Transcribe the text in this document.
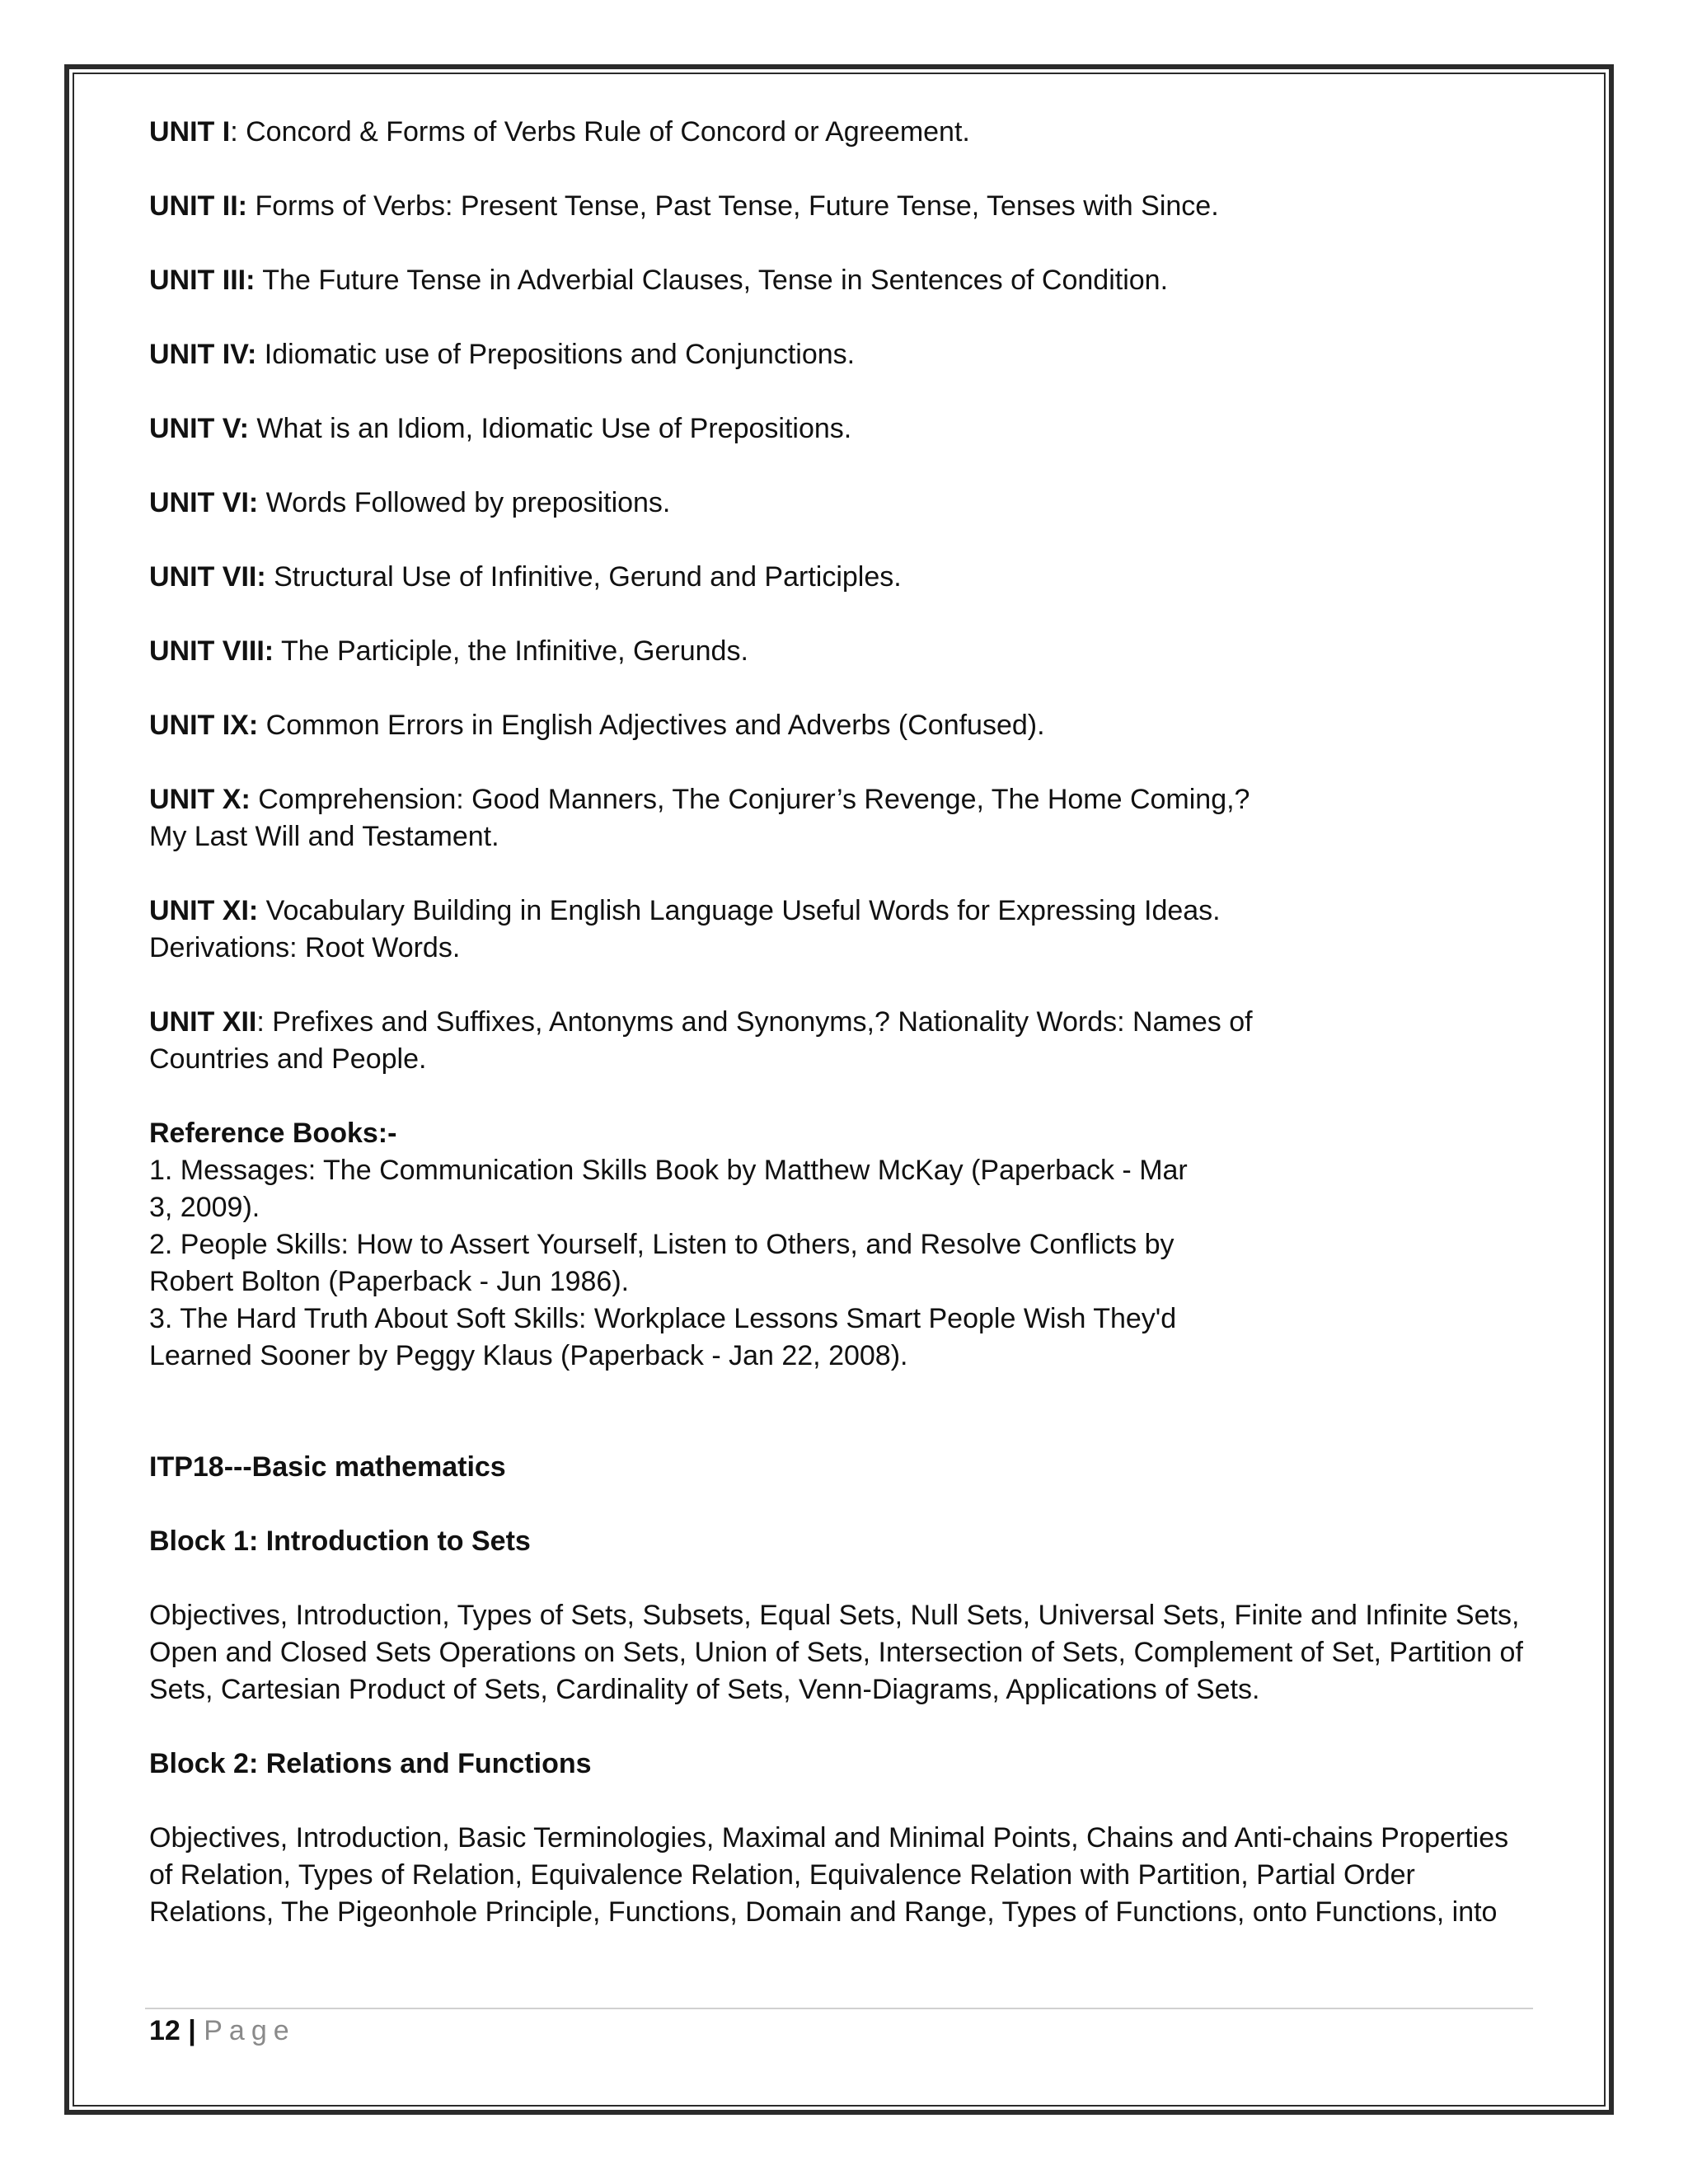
UNIT I: Concord & Forms of Verbs Rule of Concord or Agreement.
UNIT II: Forms of Verbs: Present Tense, Past Tense, Future Tense, Tenses with Since.
UNIT III: The Future Tense in Adverbial Clauses, Tense in Sentences of Condition.
UNIT IV: Idiomatic use of Prepositions and Conjunctions.
UNIT V: What is an Idiom, Idiomatic Use of Prepositions.
UNIT VI: Words Followed by prepositions.
UNIT VII: Structural Use of Infinitive, Gerund and Participles.
UNIT VIII: The Participle, the Infinitive, Gerunds.
UNIT IX: Common Errors in English Adjectives and Adverbs (Confused).
UNIT X: Comprehension: Good Manners, The Conjurer’s Revenge, The Home Coming,?
My Last Will and Testament.
UNIT XI: Vocabulary Building in English Language Useful Words for Expressing Ideas.
Derivations: Root Words.
UNIT XII: Prefixes and Suffixes, Antonyms and Synonyms,? Nationality Words: Names of
Countries and People.
Reference Books:-
1. Messages: The Communication Skills Book by Matthew McKay (Paperback - Mar
3, 2009).
2. People Skills: How to Assert Yourself, Listen to Others, and Resolve Conflicts by
Robert Bolton (Paperback - Jun 1986).
3. The Hard Truth About Soft Skills: Workplace Lessons Smart People Wish They'd
Learned Sooner by Peggy Klaus (Paperback - Jan 22, 2008).
ITP18---Basic mathematics
Block 1: Introduction to Sets
Objectives, Introduction, Types of Sets, Subsets, Equal Sets, Null Sets, Universal Sets, Finite and Infinite Sets,
Open and Closed Sets Operations on Sets, Union of Sets, Intersection of Sets, Complement of Set, Partition of
Sets, Cartesian Product of Sets, Cardinality of Sets, Venn-Diagrams, Applications of Sets.
Block 2: Relations and Functions
Objectives, Introduction, Basic Terminologies, Maximal and Minimal Points, Chains and Anti-chains Properties
of Relation, Types of Relation, Equivalence Relation, Equivalence Relation with Partition, Partial Order
Relations, The Pigeonhole Principle, Functions, Domain and Range, Types of Functions, onto Functions, into
12 | Page
